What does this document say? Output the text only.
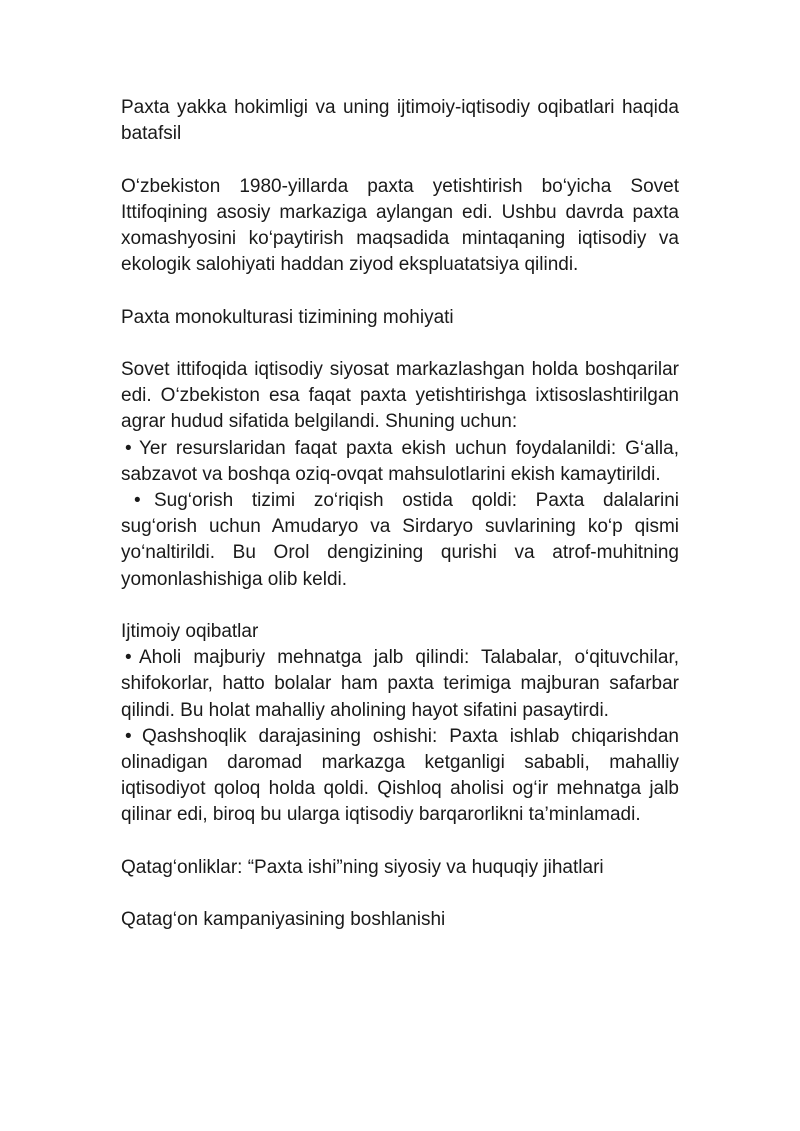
Paxta yakka hokimligi va uning ijtimoiy-iqtisodiy oqibatlari haqida batafsil

O‘zbekiston 1980-yillarda paxta yetishtirish bo‘yicha Sovet Ittifoqining asosiy markaziga aylangan edi. Ushbu davrda paxta xomashyosini ko‘paytirish maqsadida mintaqaning iqtisodiy va ekologik salohiyati haddan ziyod ekspluatatsiya qilindi.

Paxta monokulturasi tizimining mohiyati

Sovet ittifoqida iqtisodiy siyosat markazlashgan holda boshqarilar edi. O‘zbekiston esa faqat paxta yetishtirishga ixtisoslashtirilgan agrar hudud sifatida belgilandi. Shuning uchun:

• Yer resurslaridan faqat paxta ekish uchun foydalanildi: G‘alla, sabzavot va boshqa oziq-ovqat mahsulotlarini ekish kamaytirildi.

• Sug‘orish tizimi zo‘riqish ostida qoldi: Paxta dalalarini sug‘orish uchun Amudaryo va Sirdaryo suvlarining ko‘p qismi yo‘naltirildi. Bu Orol dengizining qurishi va atrof-muhitning yomonlashishiga olib keldi.

Ijtimoiy oqibatlar

• Aholi majburiy mehnatga jalb qilindi: Talabalar, o‘qituvchilar, shifokorlar, hatto bolalar ham paxta terimiga majburan safarbar qilindi. Bu holat mahalliy aholining hayot sifatini pasaytirdi.

• Qashshoqlik darajasining oshishi: Paxta ishlab chiqarishdan olinadigan daromad markazga ketganligi sababli, mahalliy iqtisodiyot qoloq holda qoldi. Qishloq aholisi og‘ir mehnatga jalb qilinar edi, biroq bu ularga iqtisodiy barqarorlikni ta’minlamadi.

Qatag‘onliklar: “Paxta ishi”ning siyosiy va huquqiy jihatlari

Qatag‘on kampaniyasining boshlanishi
